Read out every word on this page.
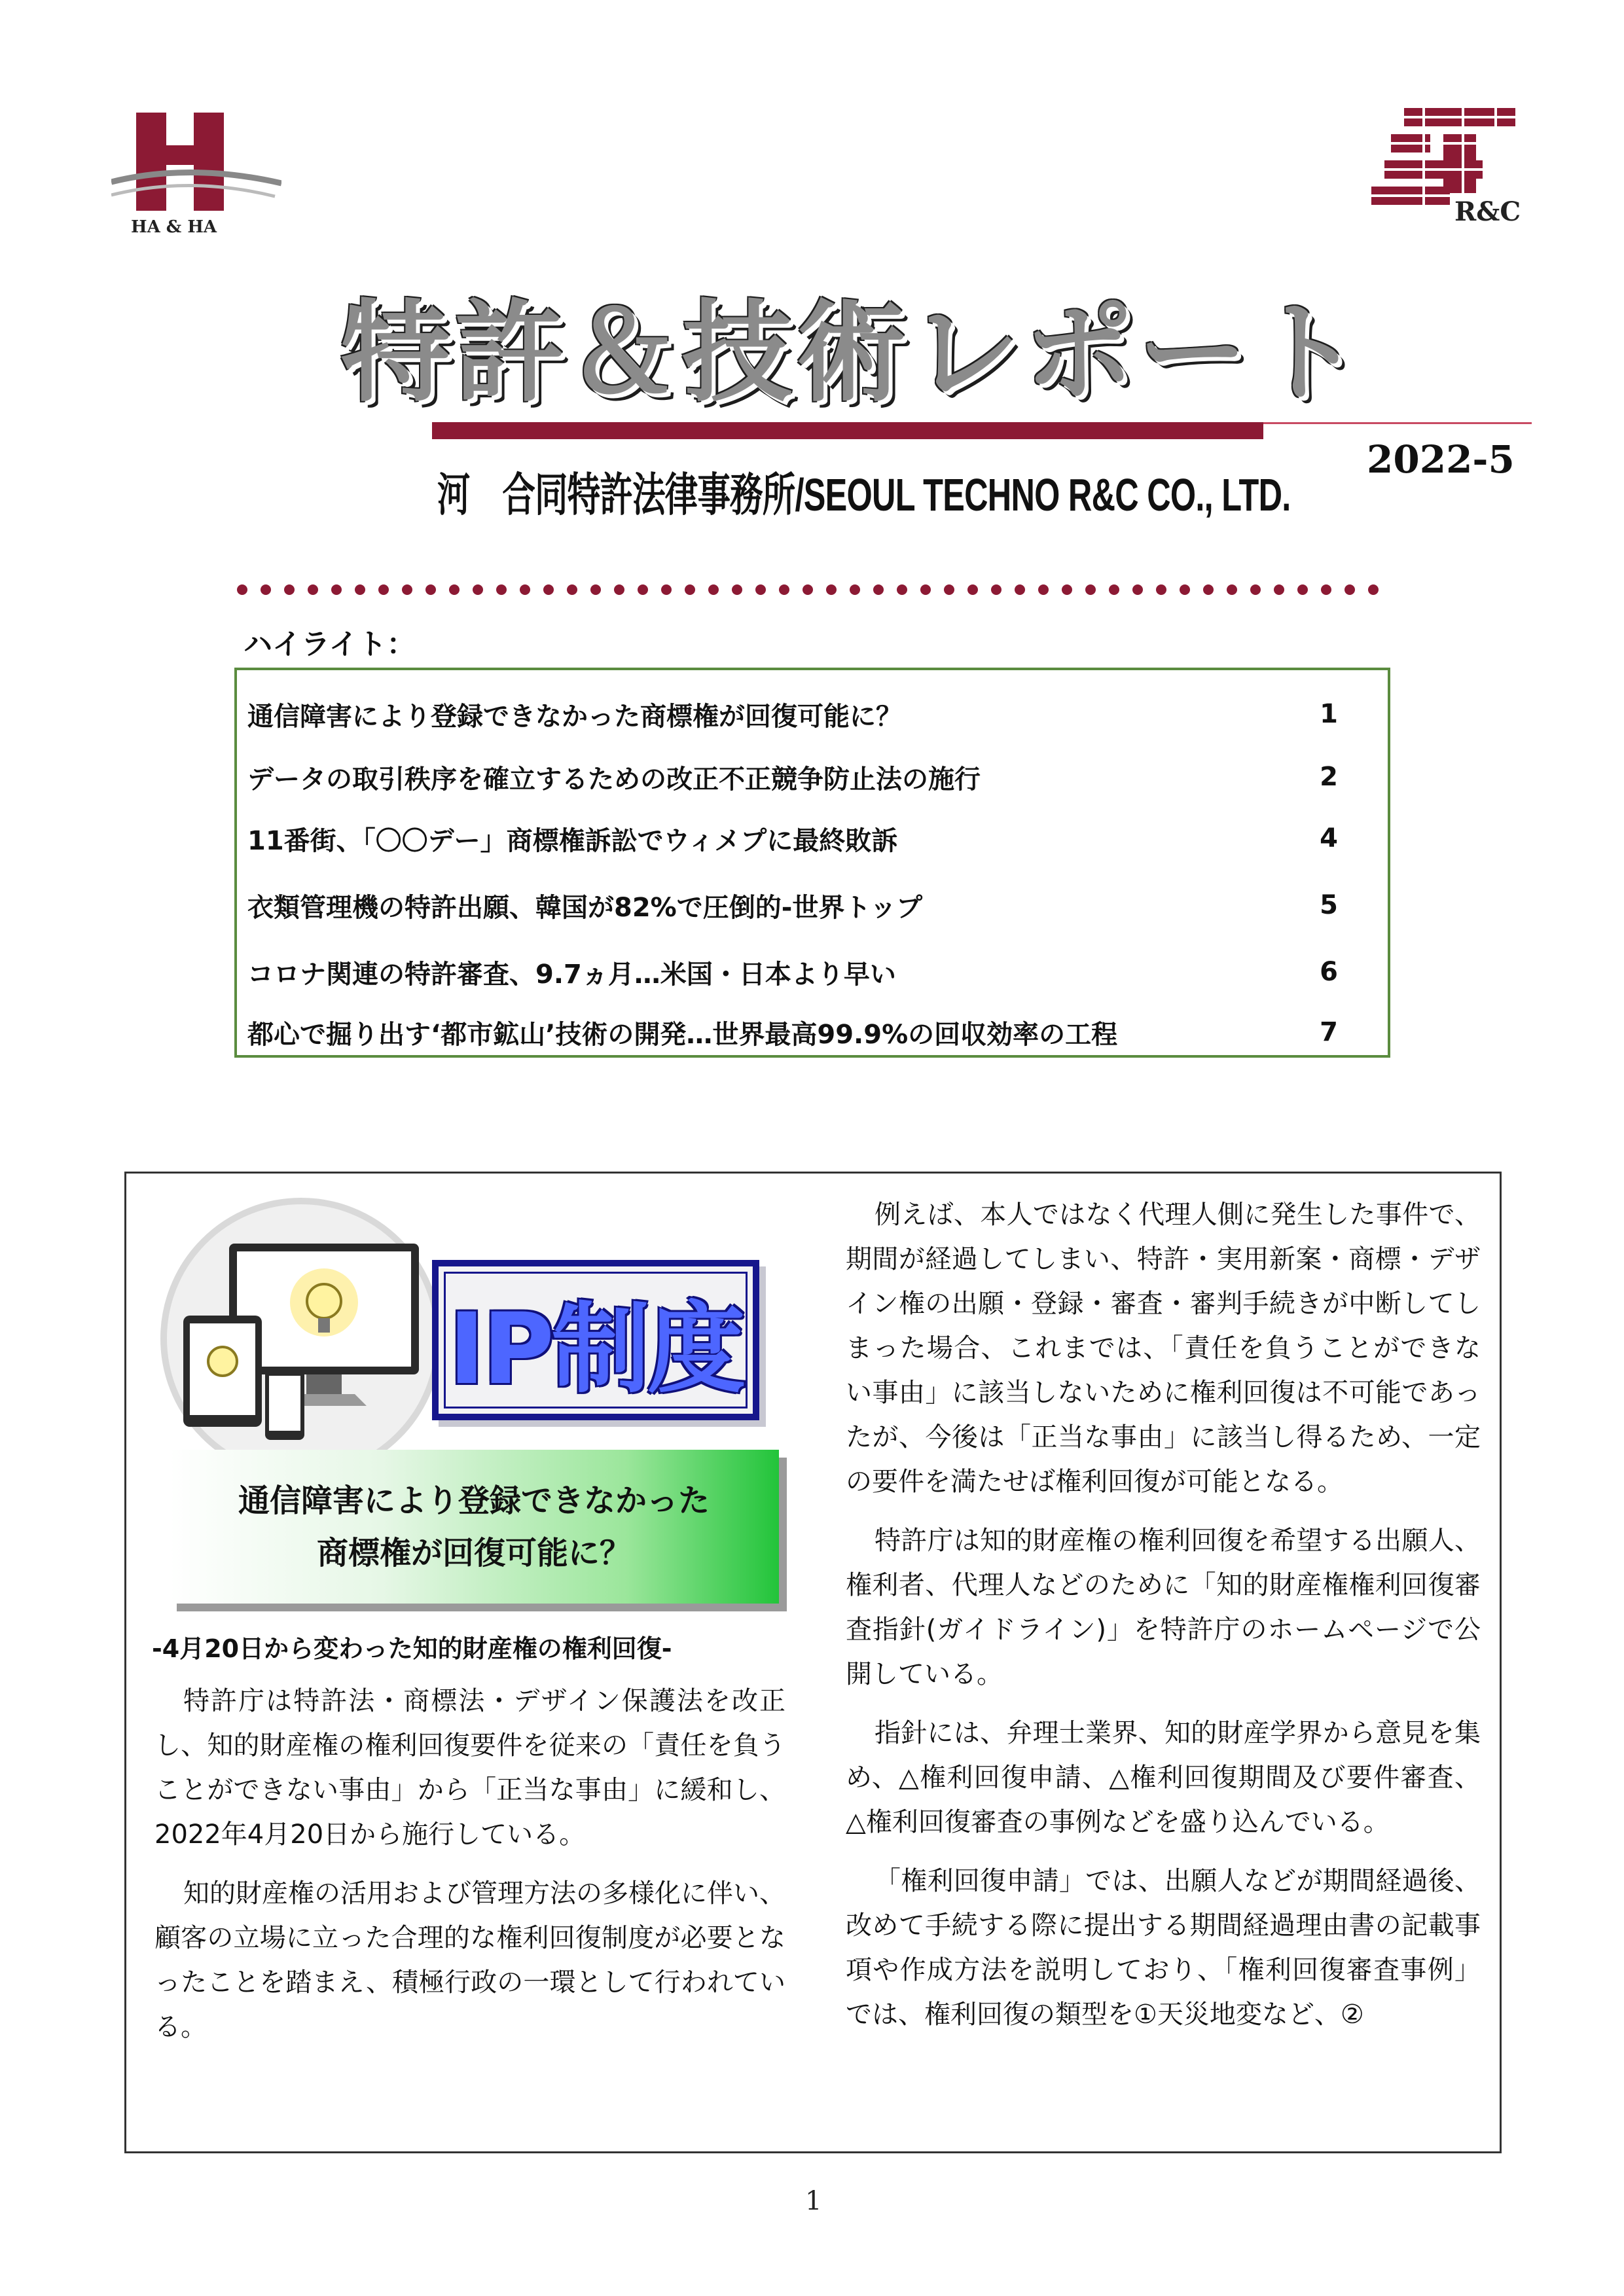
HA & HA	R&C
特許＆技術レポート
河　合同特許法律事務所/SEOUL TECHNO R&C CO., LTD.
2022-5
ハイライト：
通信障害により登録できなかった商標権が回復可能に？	1
データの取引秩序を確立するための改正不正競争防止法の施行	2
11番街、「〇〇デー」商標権訴訟でウィメプに最終敗訴	4
衣類管理機の特許出願、韓国が82%で圧倒的-世界トップ	5
コロナ関連の特許審査、9.7ヵ月…米国・日本より早い	6
都心で掘り出す‘都市鉱山’技術の開発…世界最高99.9%の回収効率の工程	7
IP制度
通信障害により登録できなかった
商標権が回復可能に？
-4月20日から変わった知的財産権の権利回復-

特許庁は特許法・商標法・デザイン保護法を改正し、知的財産権の権利回復要件を従来の「責任を負うことができない事由」から「正当な事由」に緩和し、2022年4月20日から施行している。

知的財産権の活用および管理方法の多様化に伴い、顧客の立場に立った合理的な権利回復制度が必要となったことを踏まえ、積極行政の一環として行われている。

例えば、本人ではなく代理人側に発生した事件で、期間が経過してしまい、特許・実用新案・商標・デザイン権の出願・登録・審査・審判手続きが中断してしまった場合、これまでは、「責任を負うことができない事由」に該当しないために権利回復は不可能であったが、今後は「正当な事由」に該当し得るため、一定の要件を満たせば権利回復が可能となる。

特許庁は知的財産権の権利回復を希望する出願人、権利者、代理人などのために「知的財産権権利回復審査指針(ガイドライン)」を特許庁のホームページで公開している。

指針には、弁理士業界、知的財産学界から意見を集め、△権利回復申請、△権利回復期間及び要件審査、△権利回復審査の事例などを盛り込んでいる。

「権利回復申請」では、出願人などが期間経過後、改めて手続する際に提出する期間経過理由書の記載事項や作成方法を説明しており、「権利回復審査事例」では、権利回復の類型を①天災地変など、②

1
